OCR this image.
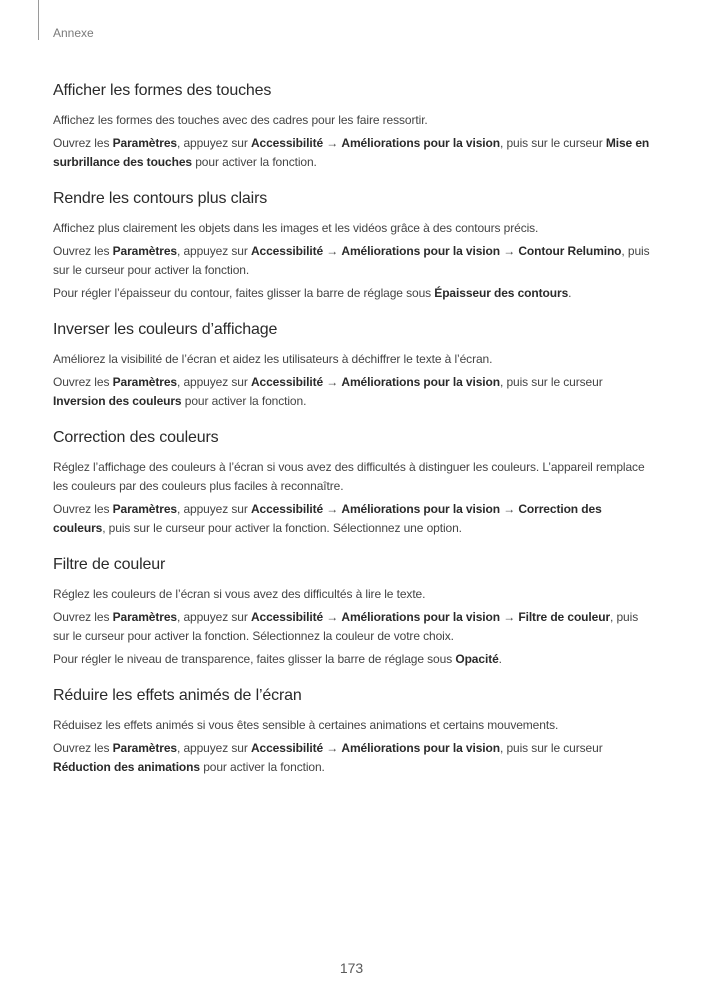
Annexe
Afficher les formes des touches

Affichez les formes des touches avec des cadres pour les faire ressortir.

Ouvrez les Paramètres, appuyez sur Accessibilité → Améliorations pour la vision, puis sur le curseur Mise en surbrillance des touches pour activer la fonction.

Rendre les contours plus clairs

Affichez plus clairement les objets dans les images et les vidéos grâce à des contours précis.

Ouvrez les Paramètres, appuyez sur Accessibilité → Améliorations pour la vision → Contour Relumino, puis sur le curseur pour activer la fonction.

Pour régler l’épaisseur du contour, faites glisser la barre de réglage sous Épaisseur des contours.

Inverser les couleurs d’affichage

Améliorez la visibilité de l’écran et aidez les utilisateurs à déchiffrer le texte à l’écran.

Ouvrez les Paramètres, appuyez sur Accessibilité → Améliorations pour la vision, puis sur le curseur Inversion des couleurs pour activer la fonction.

Correction des couleurs

Réglez l’affichage des couleurs à l’écran si vous avez des difficultés à distinguer les couleurs. L’appareil remplace les couleurs par des couleurs plus faciles à reconnaître.

Ouvrez les Paramètres, appuyez sur Accessibilité → Améliorations pour la vision → Correction des couleurs, puis sur le curseur pour activer la fonction. Sélectionnez une option.

Filtre de couleur

Réglez les couleurs de l’écran si vous avez des difficultés à lire le texte.

Ouvrez les Paramètres, appuyez sur Accessibilité → Améliorations pour la vision → Filtre de couleur, puis sur le curseur pour activer la fonction. Sélectionnez la couleur de votre choix.

Pour régler le niveau de transparence, faites glisser la barre de réglage sous Opacité.

Réduire les effets animés de l’écran

Réduisez les effets animés si vous êtes sensible à certaines animations et certains mouvements.

Ouvrez les Paramètres, appuyez sur Accessibilité → Améliorations pour la vision, puis sur le curseur Réduction des animations pour activer la fonction.

173
